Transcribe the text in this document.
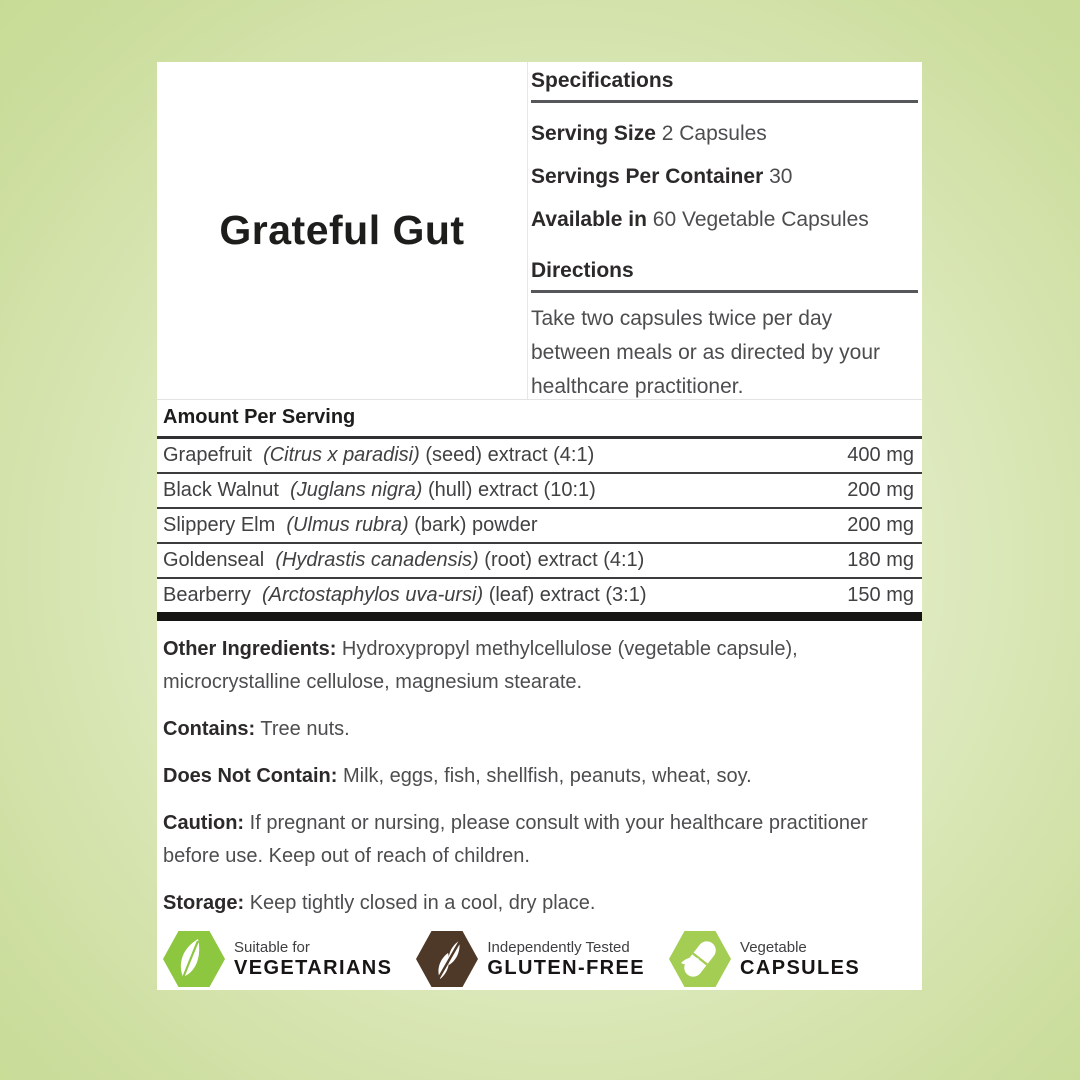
Grateful Gut
Specifications
Serving Size 2 Capsules
Servings Per Container 30
Available in 60 Vegetable Capsules
Directions
Take two capsules twice per day between meals or as directed by your healthcare practitioner.
Amount Per Serving
Grapefruit (Citrus x paradisi) (seed) extract (4:1)	400 mg
Black Walnut (Juglans nigra) (hull) extract (10:1)	200 mg
Slippery Elm (Ulmus rubra) (bark) powder	200 mg
Goldenseal (Hydrastis canadensis) (root) extract (4:1)	180 mg
Bearberry (Arctostaphylos uva-ursi) (leaf) extract (3:1)	150 mg

Other Ingredients: Hydroxypropyl methylcellulose (vegetable capsule), microcrystalline cellulose, magnesium stearate.

Contains: Tree nuts.

Does Not Contain: Milk, eggs, fish, shellfish, peanuts, wheat, soy.

Caution: If pregnant or nursing, please consult with your healthcare practitioner before use. Keep out of reach of children.

Storage: Keep tightly closed in a cool, dry place.

Suitable for
VEGETARIANS
Independently Tested
GLUTEN-FREE
Vegetable
CAPSULES
